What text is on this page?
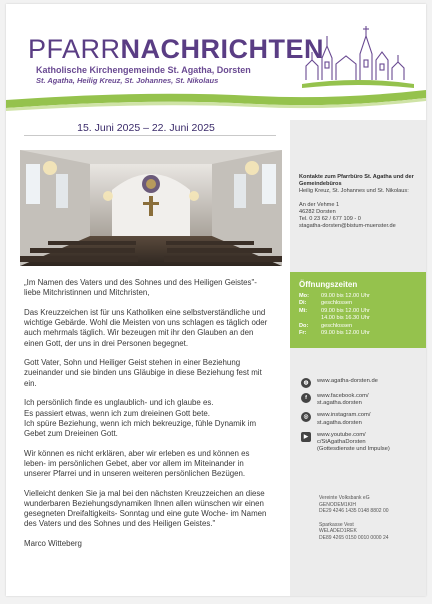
PFARRNACHRICHTEN
Katholische Kirchengemeinde St. Agatha, Dorsten
St. Agatha, Heilig Kreuz, St. Johannes, St. Nikolaus
15. Juni 2025 – 22. Juni 2025
Kontakte zum Pfarrbüro St. Agatha und der Gemeindebüros
Heilig Kreuz, St. Johannes und St. Nikolaus:
An der Vehme 1
46282 Dorsten
Tel. 0 23 62 / 677 109 - 0
stagatha-dorsten@bistum-muenster.de
Öffnungszeiten
Mo:	09.00 bis 12.00 Uhr
Di:	geschlossen
Mi:	09.00 bis 12.00 Uhr
14.00 bis 16.30 Uhr
Do:	geschlossen
Fr:	09.00 bis 12.00 Uhr
◍	www.agatha-dorsten.de
f	www.facebook.com/
st.agatha.dorsten
◎	www.instagram.com/
st.agatha.dorsten
▶	www.youtube.com/
c/StAgathaDorsten
(Gottesdienste und Impulse)
Vereinte Volksbank eG
GENODEM1KIH
DE29 4246 1435 0148 8802 00
Sparkasse Vest
WELADED1REK
DE89 4265 0150 0010 0000 24

„Im Namen des Vaters und des Sohnes und des Heiligen Geistes"-
liebe Mitchristinnen und Mitchristen,

Das Kreuzzeichen ist für uns Katholiken eine selbstverständliche und
wichtige Gebärde. Wohl die Meisten von uns schlagen es täglich oder
auch mehrmals täglich. Wir bezeugen mit ihr den Glauben an den
einen Gott, der uns in drei Personen begegnet.

Gott Vater, Sohn und Heiliger Geist stehen in einer Beziehung
zueinander und sie binden uns Gläubige in diese Beziehung fest mit
ein.

Ich persönlich finde es unglaublich- und ich glaube es.
Es passiert etwas, wenn ich zum dreieinen Gott bete.
Ich spüre Beziehung, wenn ich mich bekreuzige, fühle Dynamik im
Gebet zum Dreieinen Gott.

Wir können es nicht erklären, aber wir erleben es und können es
leben- im persönlichen Gebet, aber vor allem im Miteinander in
unserer Pfarrei und in unseren weiteren persönlichen Bezügen.

Vielleicht denken Sie ja mal bei den nächsten Kreuzzeichen an diese
wunderbaren Beziehungsdynamiken Ihnen allen wünschen wir einen
gesegneten Dreifaltigkeits- Sonntag und eine gute Woche- im Namen
des Vaters und des Sohnes und des Heiligen Geistes."

Marco Witteberg
